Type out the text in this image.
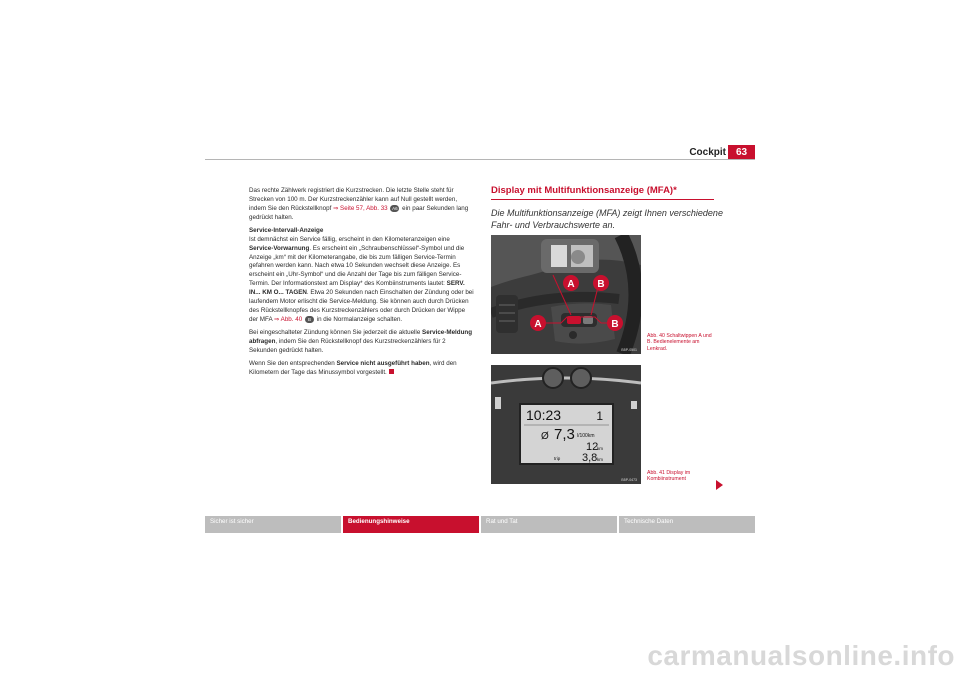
Cockpit 63

Das rechte Zählwerk registriert die Kurzstrecken. Die letzte Stelle steht für Strecken von 100 m. Der Kurzstreckenzähler kann auf Null gestellt werden, indem Sie den Rückstellknopf ⇒ Seite 57, Abb. 33 A6 ein paar Sekunden lang gedrückt halten.

Service-Intervall-Anzeige

Ist demnächst ein Service fällig, erscheint in den Kilometeranzeigen eine Service-Vorwarnung. Es erscheint ein „Schraubenschlüssel“-Symbol und die Anzeige „km“ mit der Kilometerangabe, die bis zum fälligen Service-Termin gefahren werden kann. Nach etwa 10 Sekunden wechselt diese Anzeige. Es erscheint ein „Uhr-Symbol“ und die Anzahl der Tage bis zum fälligen Service-Termin. Der Informationstext am Display* des Kombiinstruments lautet: SERV. IN... KM O... TAGEN. Etwa 20 Sekunden nach Einschalten der Zündung oder bei laufendem Motor erlischt die Service-Meldung. Sie können auch durch Drücken des Rückstellknopfes des Kurzstreckenzählers oder durch Drücken der Wippe der MFA ⇒ Abb. 40 B in die Normalanzeige schalten.

Bei eingeschalteter Zündung können Sie jederzeit die aktuelle Service-Meldung abfragen, indem Sie den Rückstellknopf des Kurzstreckenzählers für 2 Sekunden gedrückt halten.

Wenn Sie den entsprechenden Service nicht ausgeführt haben, wird den Kilometern der Tage das Minussymbol vorgestellt.

Display mit Multifunktionsanzeige (MFA)*
Die Multifunktionsanzeige (MFA) zeigt Ihnen verschiedene Fahr- und Verbrauchswerte an.
A B
A	B
B5P-0501
Abb. 40 Schaltwippen A und B. Bedienelemente am Lenkrad.
10:23	1
Ø 7,3 l/100km
12
km
trip 3,8 km
B5P-0473
Abb. 41 Display im Kombiinstrument
Sicher ist sicher	Bedienungshinweise	Rat und Tat	Technische Daten
carmanualsonline.info
